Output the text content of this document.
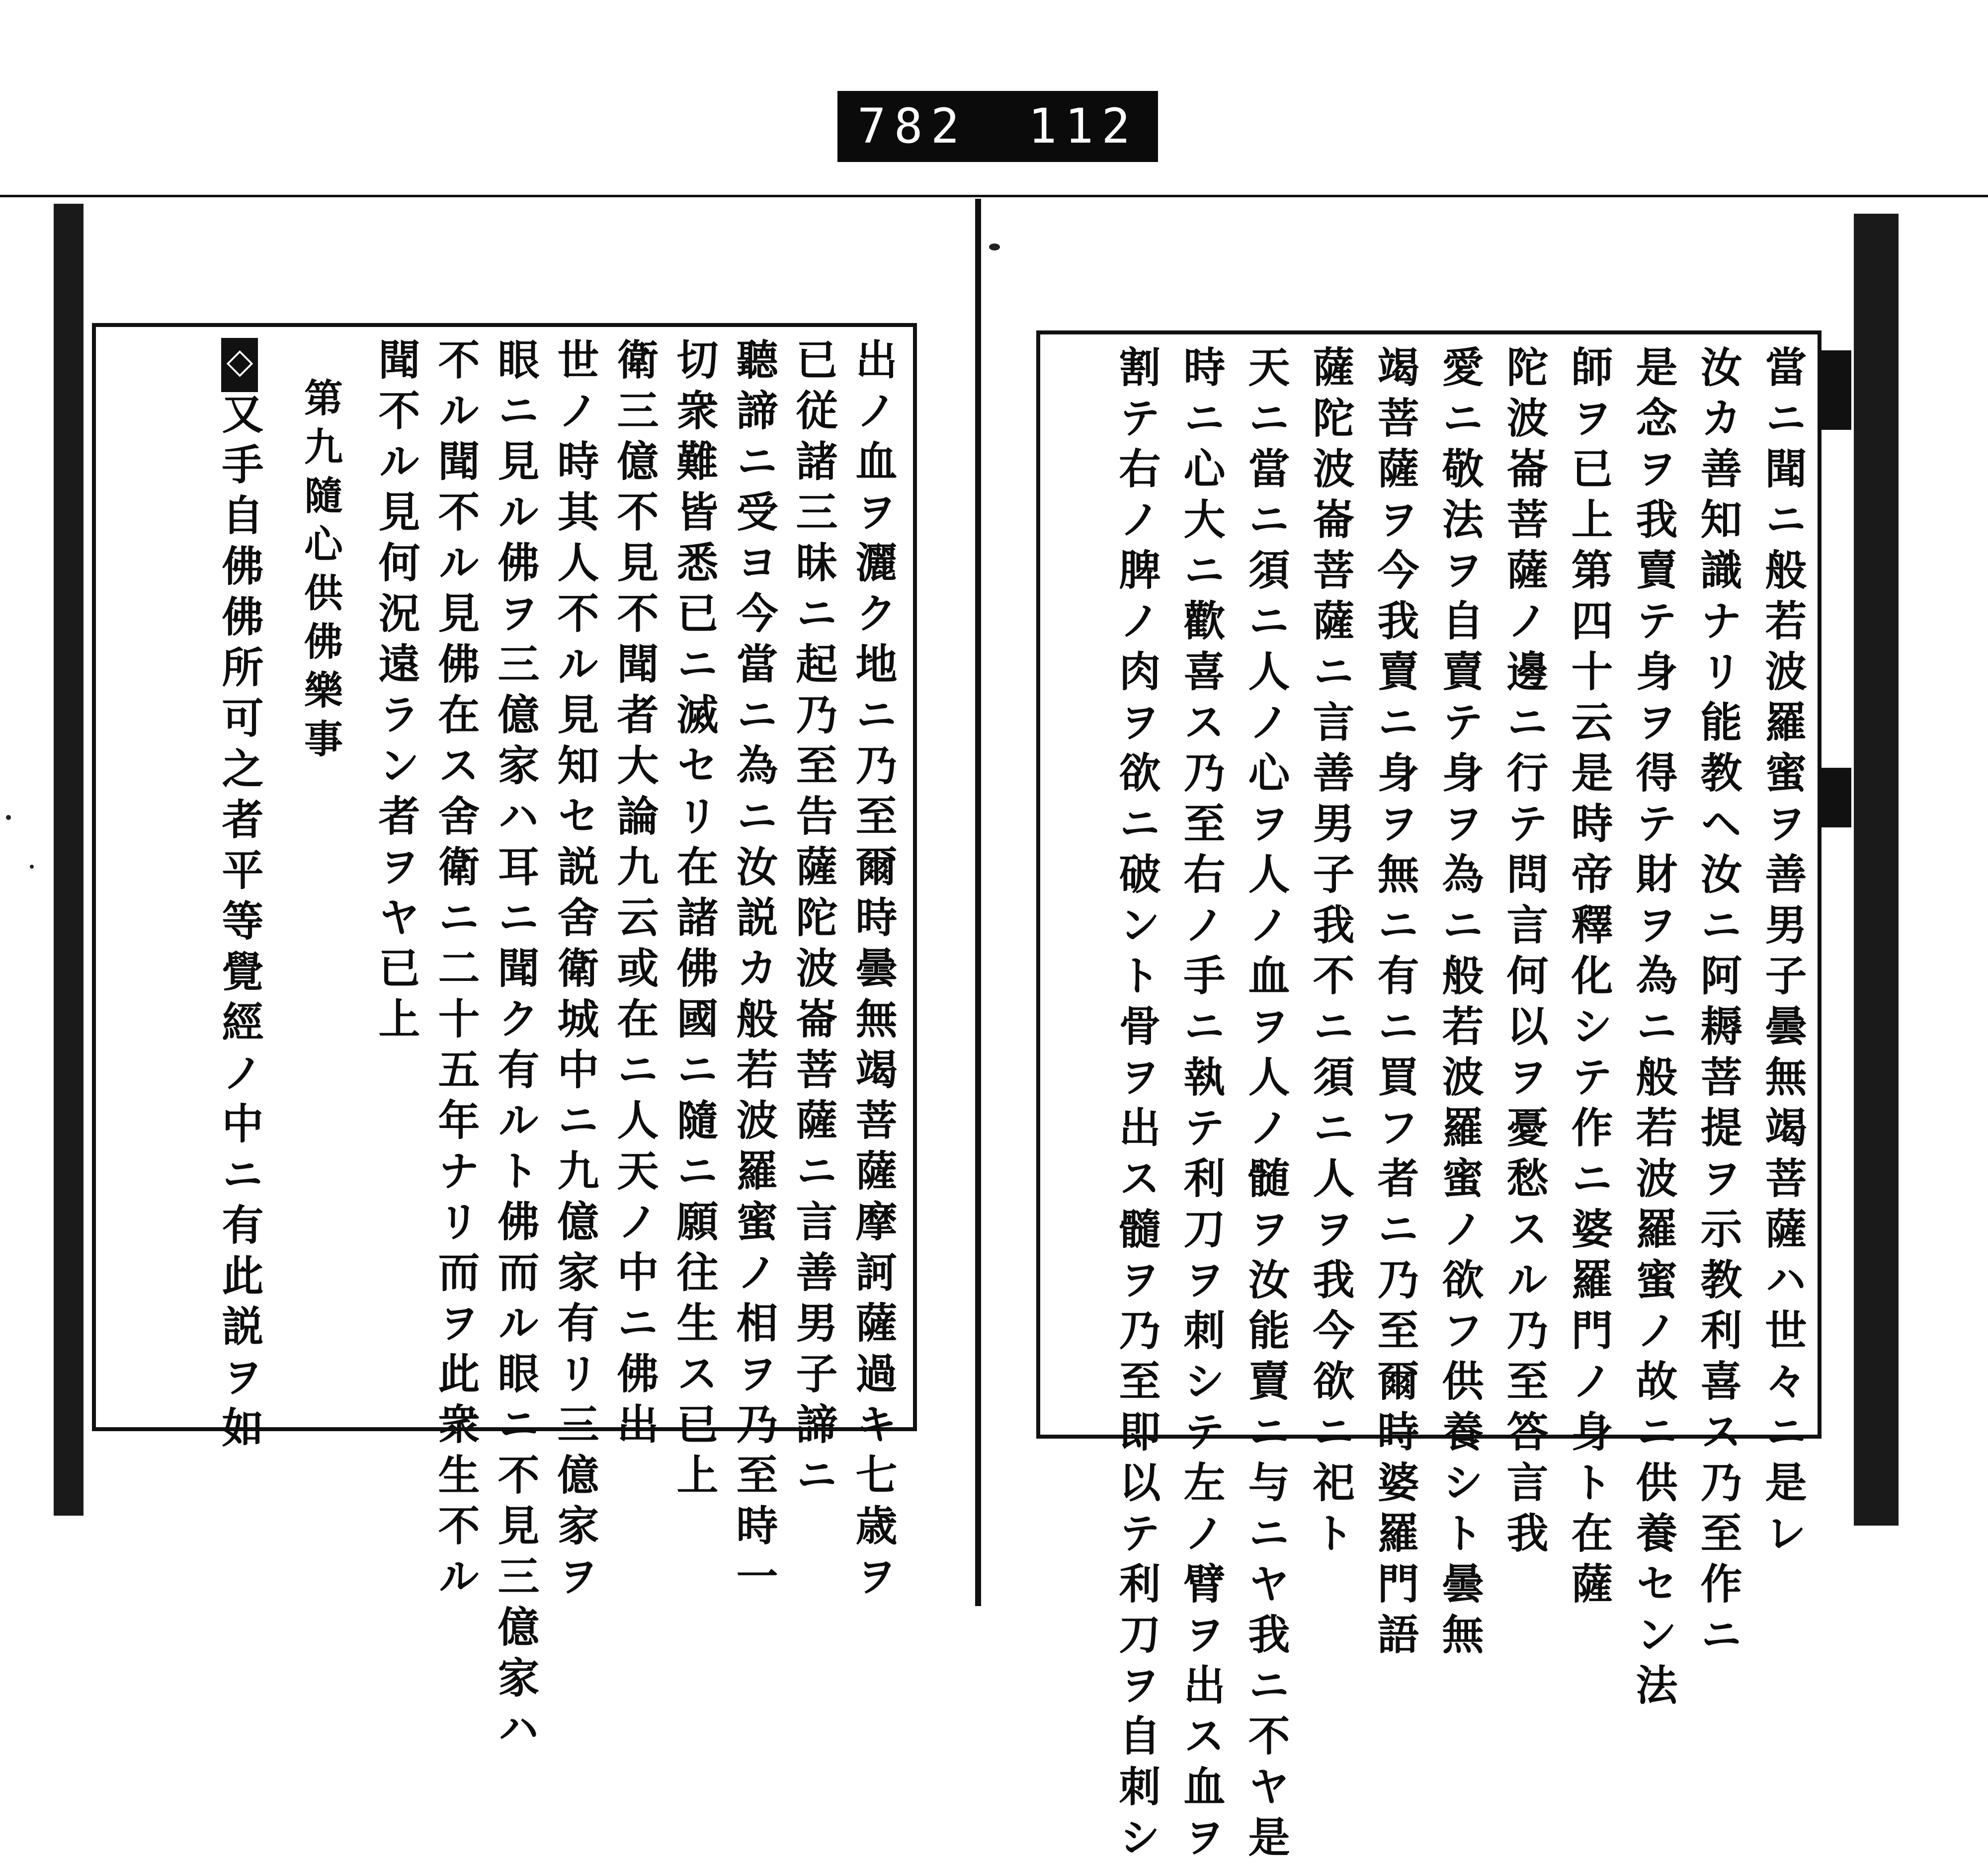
782 112
出ノ血ヲ灑ク地ニ乃至爾時曇無竭菩薩摩訶薩過キ七歳ヲ
已従諸三昧ニ起乃至告薩陀波崙菩薩ニ言善男子諦ニ
聽諦ニ受ヨ今當ニ為ニ汝説カ般若波羅蜜ノ相ヲ乃至時一
切衆難皆悉已ニ滅セリ在諸佛國ニ隨ニ願往生ス已上
衛三億不見不聞者大論九云或在ニ人天ノ中ニ佛出
世ノ時其人不ル見知セ説舍衛城中ニ九億家有リ三億家ヲ
眼ニ見ル佛ヲ三億家ハ耳ニ聞ク有ルト佛而ル眼ニ不見三億家ハ
不ル聞不ル見佛在ス舍衛ニ二十五年ナリ而ヲ此衆生不ル
聞不ル見何況遠ラン者ヲヤ已上
第九隨心供佛樂事
◇又手自佛佛所可之者平等覺經ノ中ニ有此説ヲ如	當ニ聞ニ般若波羅蜜ヲ善男子曇無竭菩薩ハ世々ニ是レ
汝カ善知識ナリ能教ヘ汝ニ阿耨菩提ヲ示教利喜ス乃至作ニ
是念ヲ我賣テ身ヲ得テ財ヲ為ニ般若波羅蜜ノ故ニ供養セン法
師ヲ已上第四十云是時帝釋化シテ作ニ婆羅門ノ身ト在薩
陀波崙菩薩ノ邊ニ行テ問言何以ヲ憂愁スル乃至答言我
愛ニ敬法ヲ自賣テ身ヲ為ニ般若波羅蜜ノ欲フ供養シト曇無
竭菩薩ヲ今我賣ニ身ヲ無ニ有ニ買フ者ニ乃至爾時婆羅門語
薩陀波崙菩薩ニ言善男子我不ニ須ニ人ヲ我今欲ニ祀ト
天ニ當ニ須ニ人ノ心ヲ人ノ血ヲ人ノ髄ヲ汝能賣ニ与ニヤ我ニ不ヤ是
時ニ心大ニ歡喜ス乃至右ノ手ニ執テ利刀ヲ刺シテ左ノ臂ヲ出ス血ヲ
割テ右ノ脾ノ肉ヲ欲ニ破ント骨ヲ出ス髓ヲ乃至即以テ利刀ヲ自刺シ
